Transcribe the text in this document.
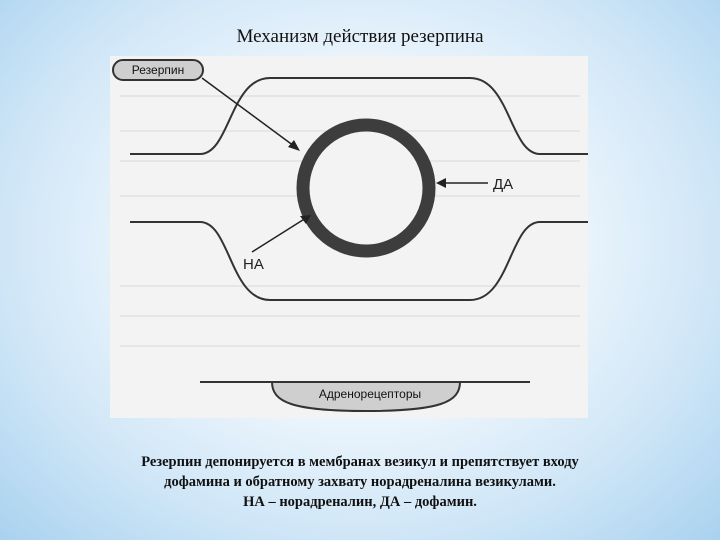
Механизм действия резерпина
Резерпин
ДА
НА
Адренорецепторы
Резерпин депонируется в мембранах везикул и препятствует входу
дофамина и обратному захвату норадреналина везикулами.
НА – норадреналин, ДА – дофамин.
